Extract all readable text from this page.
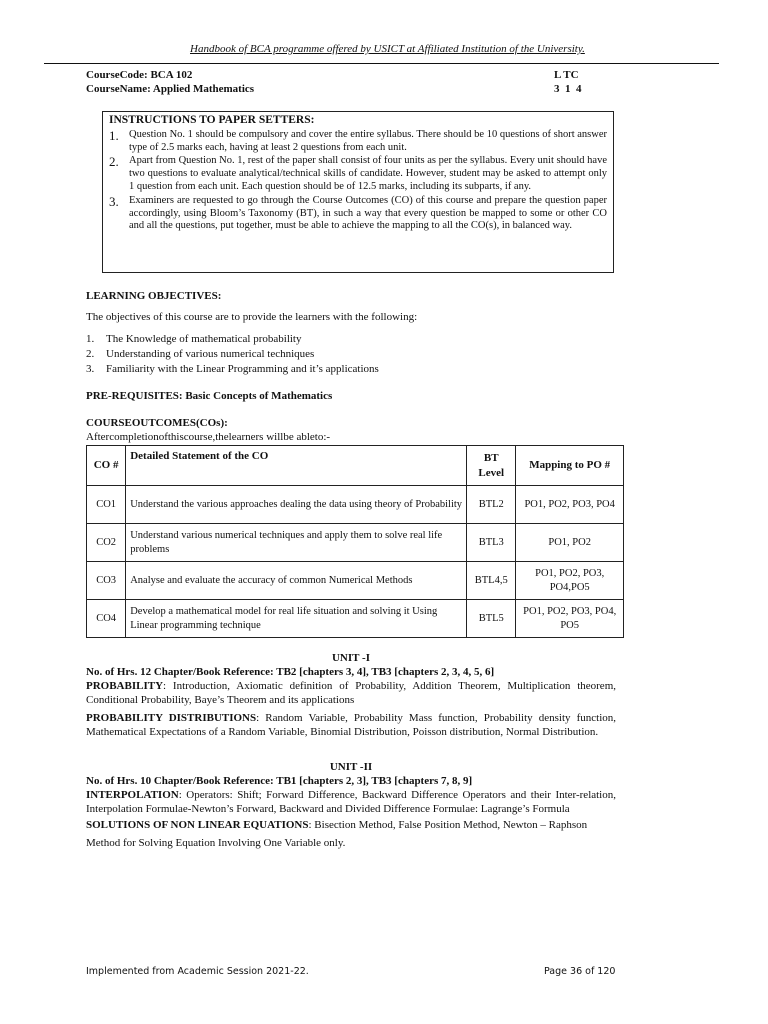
Handbook of BCA programme offered by USICT at Affiliated Institution of the University.
CourseCode: BCA 102	L TC
CourseName: Applied Mathematics	3  1  4
INSTRUCTIONS TO PAPER SETTERS:
1. Question No. 1 should be compulsory and cover the entire syllabus. There should be 10 questions of short answer type of 2.5 marks each, having at least 2 questions from each unit.
2. Apart from Question No. 1, rest of the paper shall consist of four units as per the syllabus. Every unit should have two questions to evaluate analytical/technical skills of candidate. However, student may be asked to attempt only 1 question from each unit. Each question should be of 12.5 marks, including its subparts, if any.
3. Examiners are requested to go through the Course Outcomes (CO) of this course and prepare the question paper accordingly, using Bloom’s Taxonomy (BT), in such a way that every question be mapped to some or other CO and all the questions, put together, must be able to achieve the mapping to all the CO(s), in balanced way.
LEARNING OBJECTIVES:
The objectives of this course are to provide the learners with the following:
1.	The Knowledge of mathematical probability
2.	Understanding of various numerical techniques
3.	Familiarity with the Linear Programming and it’s applications
PRE-REQUISITES: Basic Concepts of Mathematics
COURSEOUTCOMES(COs):
Aftercompletionofthiscourse,thelearners willbe ableto:-
CO #	Detailed Statement of the CO	BT Level	Mapping to PO #
CO1	Understand the various approaches dealing the data using theory of Probability	BTL2	PO1, PO2, PO3, PO4
CO2	Understand various numerical techniques and apply them to solve real life problems	BTL3	PO1, PO2
CO3	Analyse and evaluate the accuracy of common Numerical Methods	BTL4,5	PO1, PO2, PO3, PO4,PO5
CO4	Develop a mathematical model for real life situation and solving it Using Linear programming technique	BTL5	PO1, PO2, PO3, PO4, PO5
UNIT -I
No. of Hrs. 12 Chapter/Book Reference: TB2 [chapters 3, 4], TB3 [chapters 2, 3, 4, 5, 6]
PROBABILITY: Introduction, Axiomatic definition of Probability, Addition Theorem, Multiplication theorem, Conditional Probability, Baye’s Theorem and its applications
PROBABILITY DISTRIBUTIONS: Random Variable, Probability Mass function, Probability density function, Mathematical Expectations of a Random Variable, Binomial Distribution, Poisson distribution, Normal Distribution.
UNIT -II
No. of Hrs. 10 Chapter/Book Reference: TB1 [chapters 2, 3], TB3 [chapters 7, 8, 9]
INTERPOLATION: Operators: Shift; Forward Difference, Backward Difference Operators and their Inter-relation, Interpolation Formulae-Newton’s Forward, Backward and Divided Difference Formulae: Lagrange’s Formula
SOLUTIONS OF NON LINEAR EQUATIONS: Bisection Method, False Position Method, Newton – Raphson
Method for Solving Equation Involving One Variable only.
Implemented from Academic Session 2021-22.	Page 36 of 120
